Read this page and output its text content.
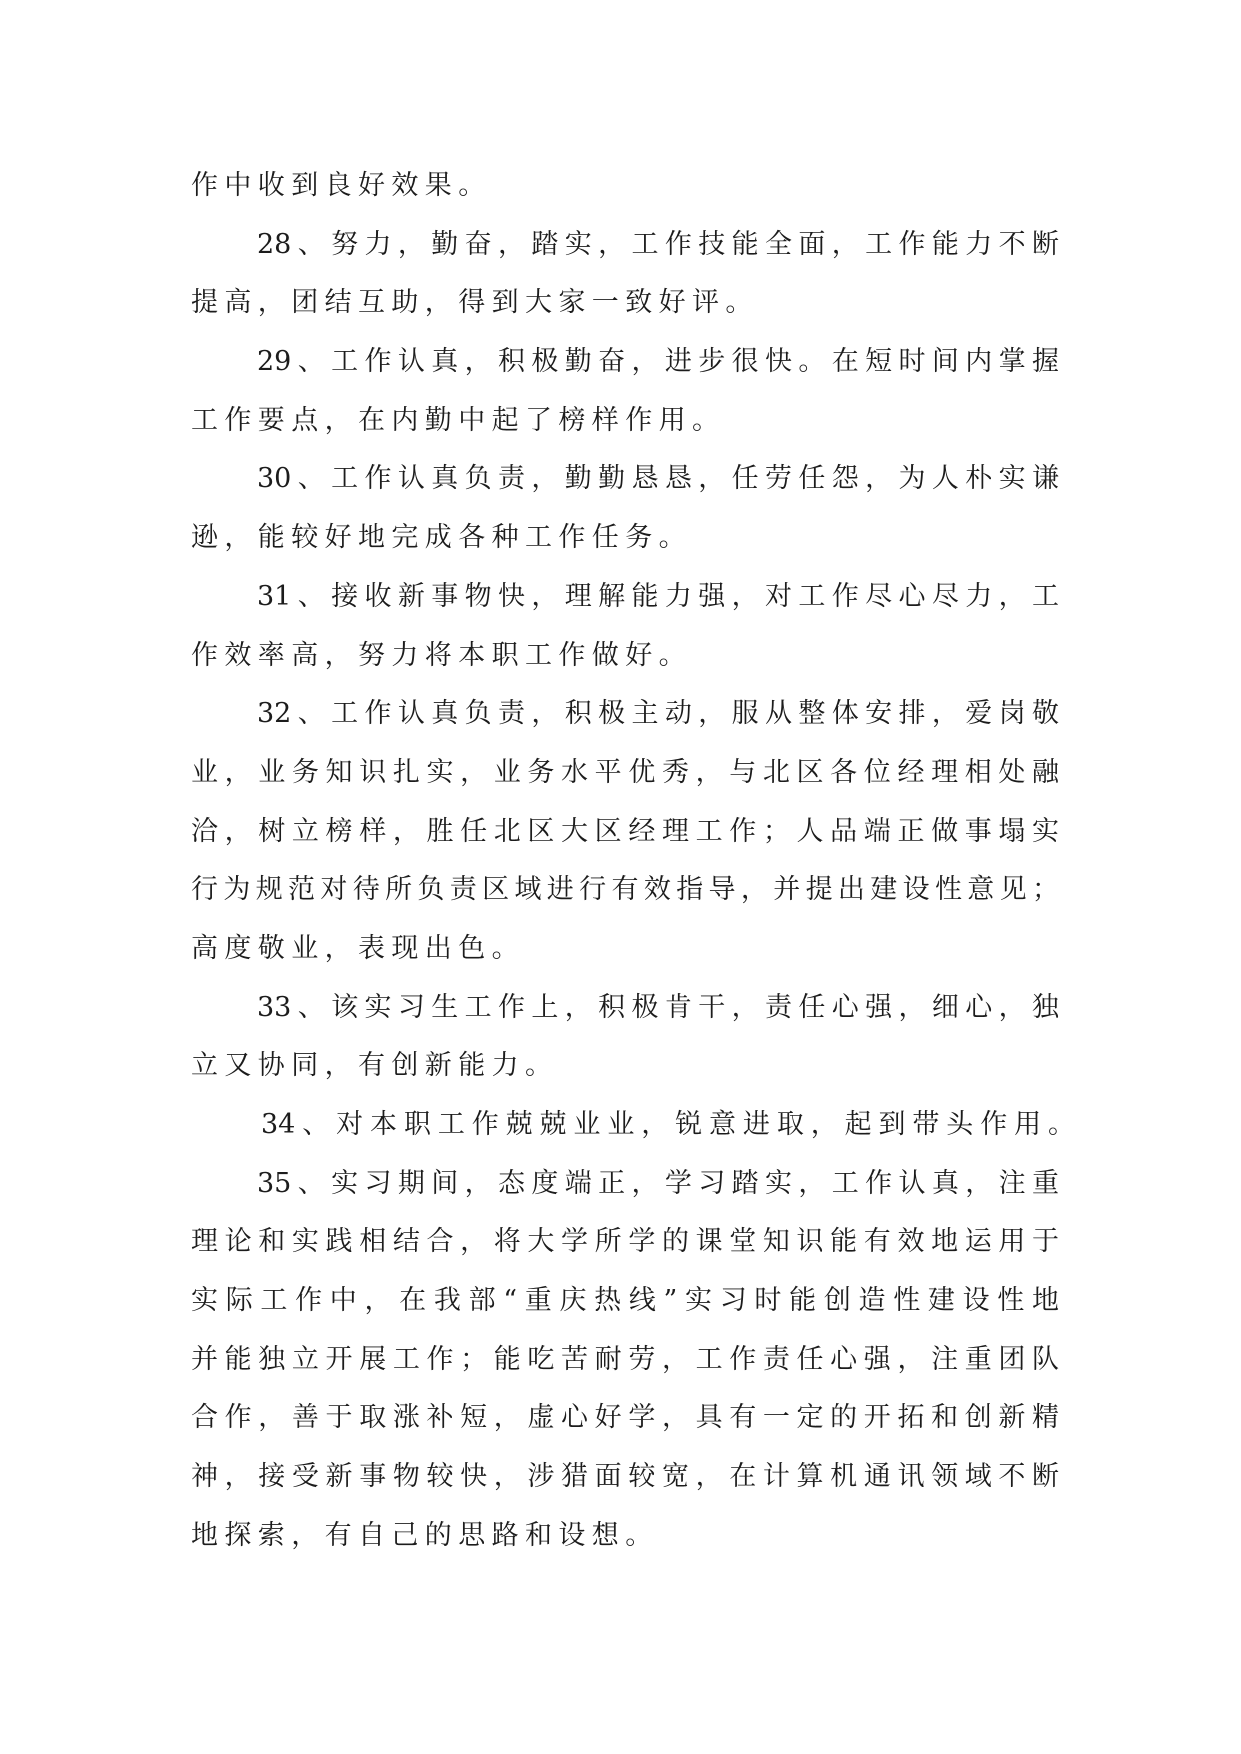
作中收到良好效果。
28、努力，勤奋，踏实，工作技能全面，工作能力不断
提高，团结互助，得到大家一致好评。
29、工作认真，积极勤奋，进步很快。在短时间内掌握
工作要点，在内勤中起了榜样作用。
30、工作认真负责，勤勤恳恳，任劳任怨，为人朴实谦
逊，能较好地完成各种工作任务。
31、接收新事物快，理解能力强，对工作尽心尽力，工
作效率高，努力将本职工作做好。
32、工作认真负责，积极主动，服从整体安排，爱岗敬
业，业务知识扎实，业务水平优秀，与北区各位经理相处融
洽，树立榜样，胜任北区大区经理工作；人品端正做事塌实
行为规范对待所负责区域进行有效指导，并提出建设性意见；
高度敬业，表现出色。
33、该实习生工作上，积极肯干，责任心强，细心，独
立又协同，有创新能力。
34、对本职工作兢兢业业，锐意进取，起到带头作用。
35、实习期间，态度端正，学习踏实，工作认真，注重
理论和实践相结合，将大学所学的课堂知识能有效地运用于
实际工作中，在我部“重庆热线”实习时能创造性建设性地
并能独立开展工作；能吃苦耐劳，工作责任心强，注重团队
合作，善于取涨补短，虚心好学，具有一定的开拓和创新精
神，接受新事物较快，涉猎面较宽，在计算机通讯领域不断
地探索，有自己的思路和设想。
